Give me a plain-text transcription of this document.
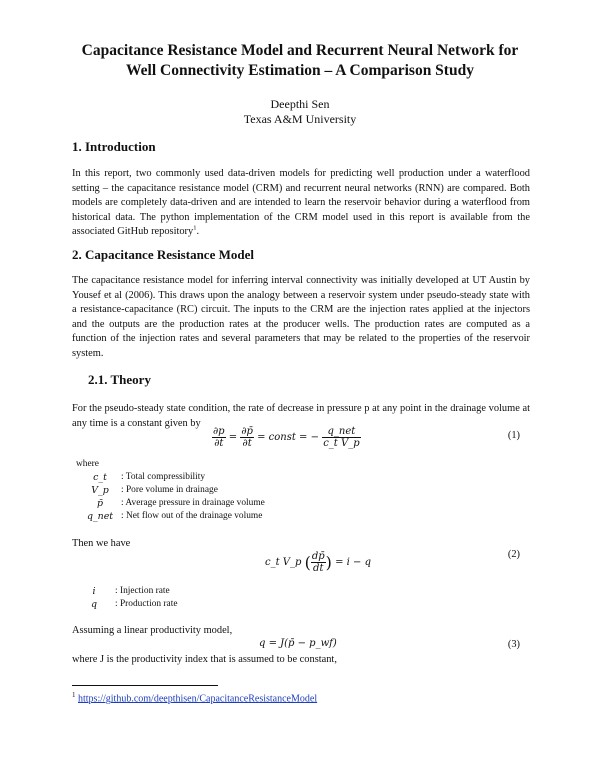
Capacitance Resistance Model and Recurrent Neural Network for
Well Connectivity Estimation – A Comparison Study
Deepthi Sen
Texas A&M University
1. Introduction
In this report, two commonly used data-driven models for predicting well production under a waterflood setting – the capacitance resistance model (CRM) and recurrent neural networks (RNN) are compared. Both models are completely data-driven and are intended to learn the reservoir behavior during a waterflood from historical data. The python implementation of the CRM model used in this report is available from the associated GitHub repository$^1$.
2. Capacitance Resistance Model
The capacitance resistance model for inferring interval connectivity was initially developed at UT Austin by Yousef et al (2006). This draws upon the analogy between a reservoir system under pseudo-steady state with a resistance-capacitance (RC) circuit. The inputs to the CRM are the injection rates applied at the injectors and the outputs are the production rates at the producer wells. The production rates are computed as a function of the injection rates and several parameters that may be related to the properties of the reservoir system.
2.1. Theory
For the pseudo-steady state condition, the rate of decrease in pressure p at any point in the drainage volume at any time is a constant given by
$\frac{\partial p}{\partial t} = \frac{\partial p̄}{\partial t}$ = const = − $\frac{\text{q\_net}}{\text{c\_t V\_p}}$	(1)
where
c_t	: Total compressibility
V_p	: Pore volume in drainage
p̄	: Average pressure in drainage volume
q_net : Net flow out of the drainage volume
Then we have
c_t V_p ( $\frac{dp̄}{dt}$ ) = i − q
(2)
i	: Injection rate
q	: Production rate
Assuming a linear productivity model,
q = J(p̄ − p_wf)	(3)
where J is the productivity index that is assumed to be constant,
$^1$ https://github.com/deepthisen/CapacitanceResistanceModel
